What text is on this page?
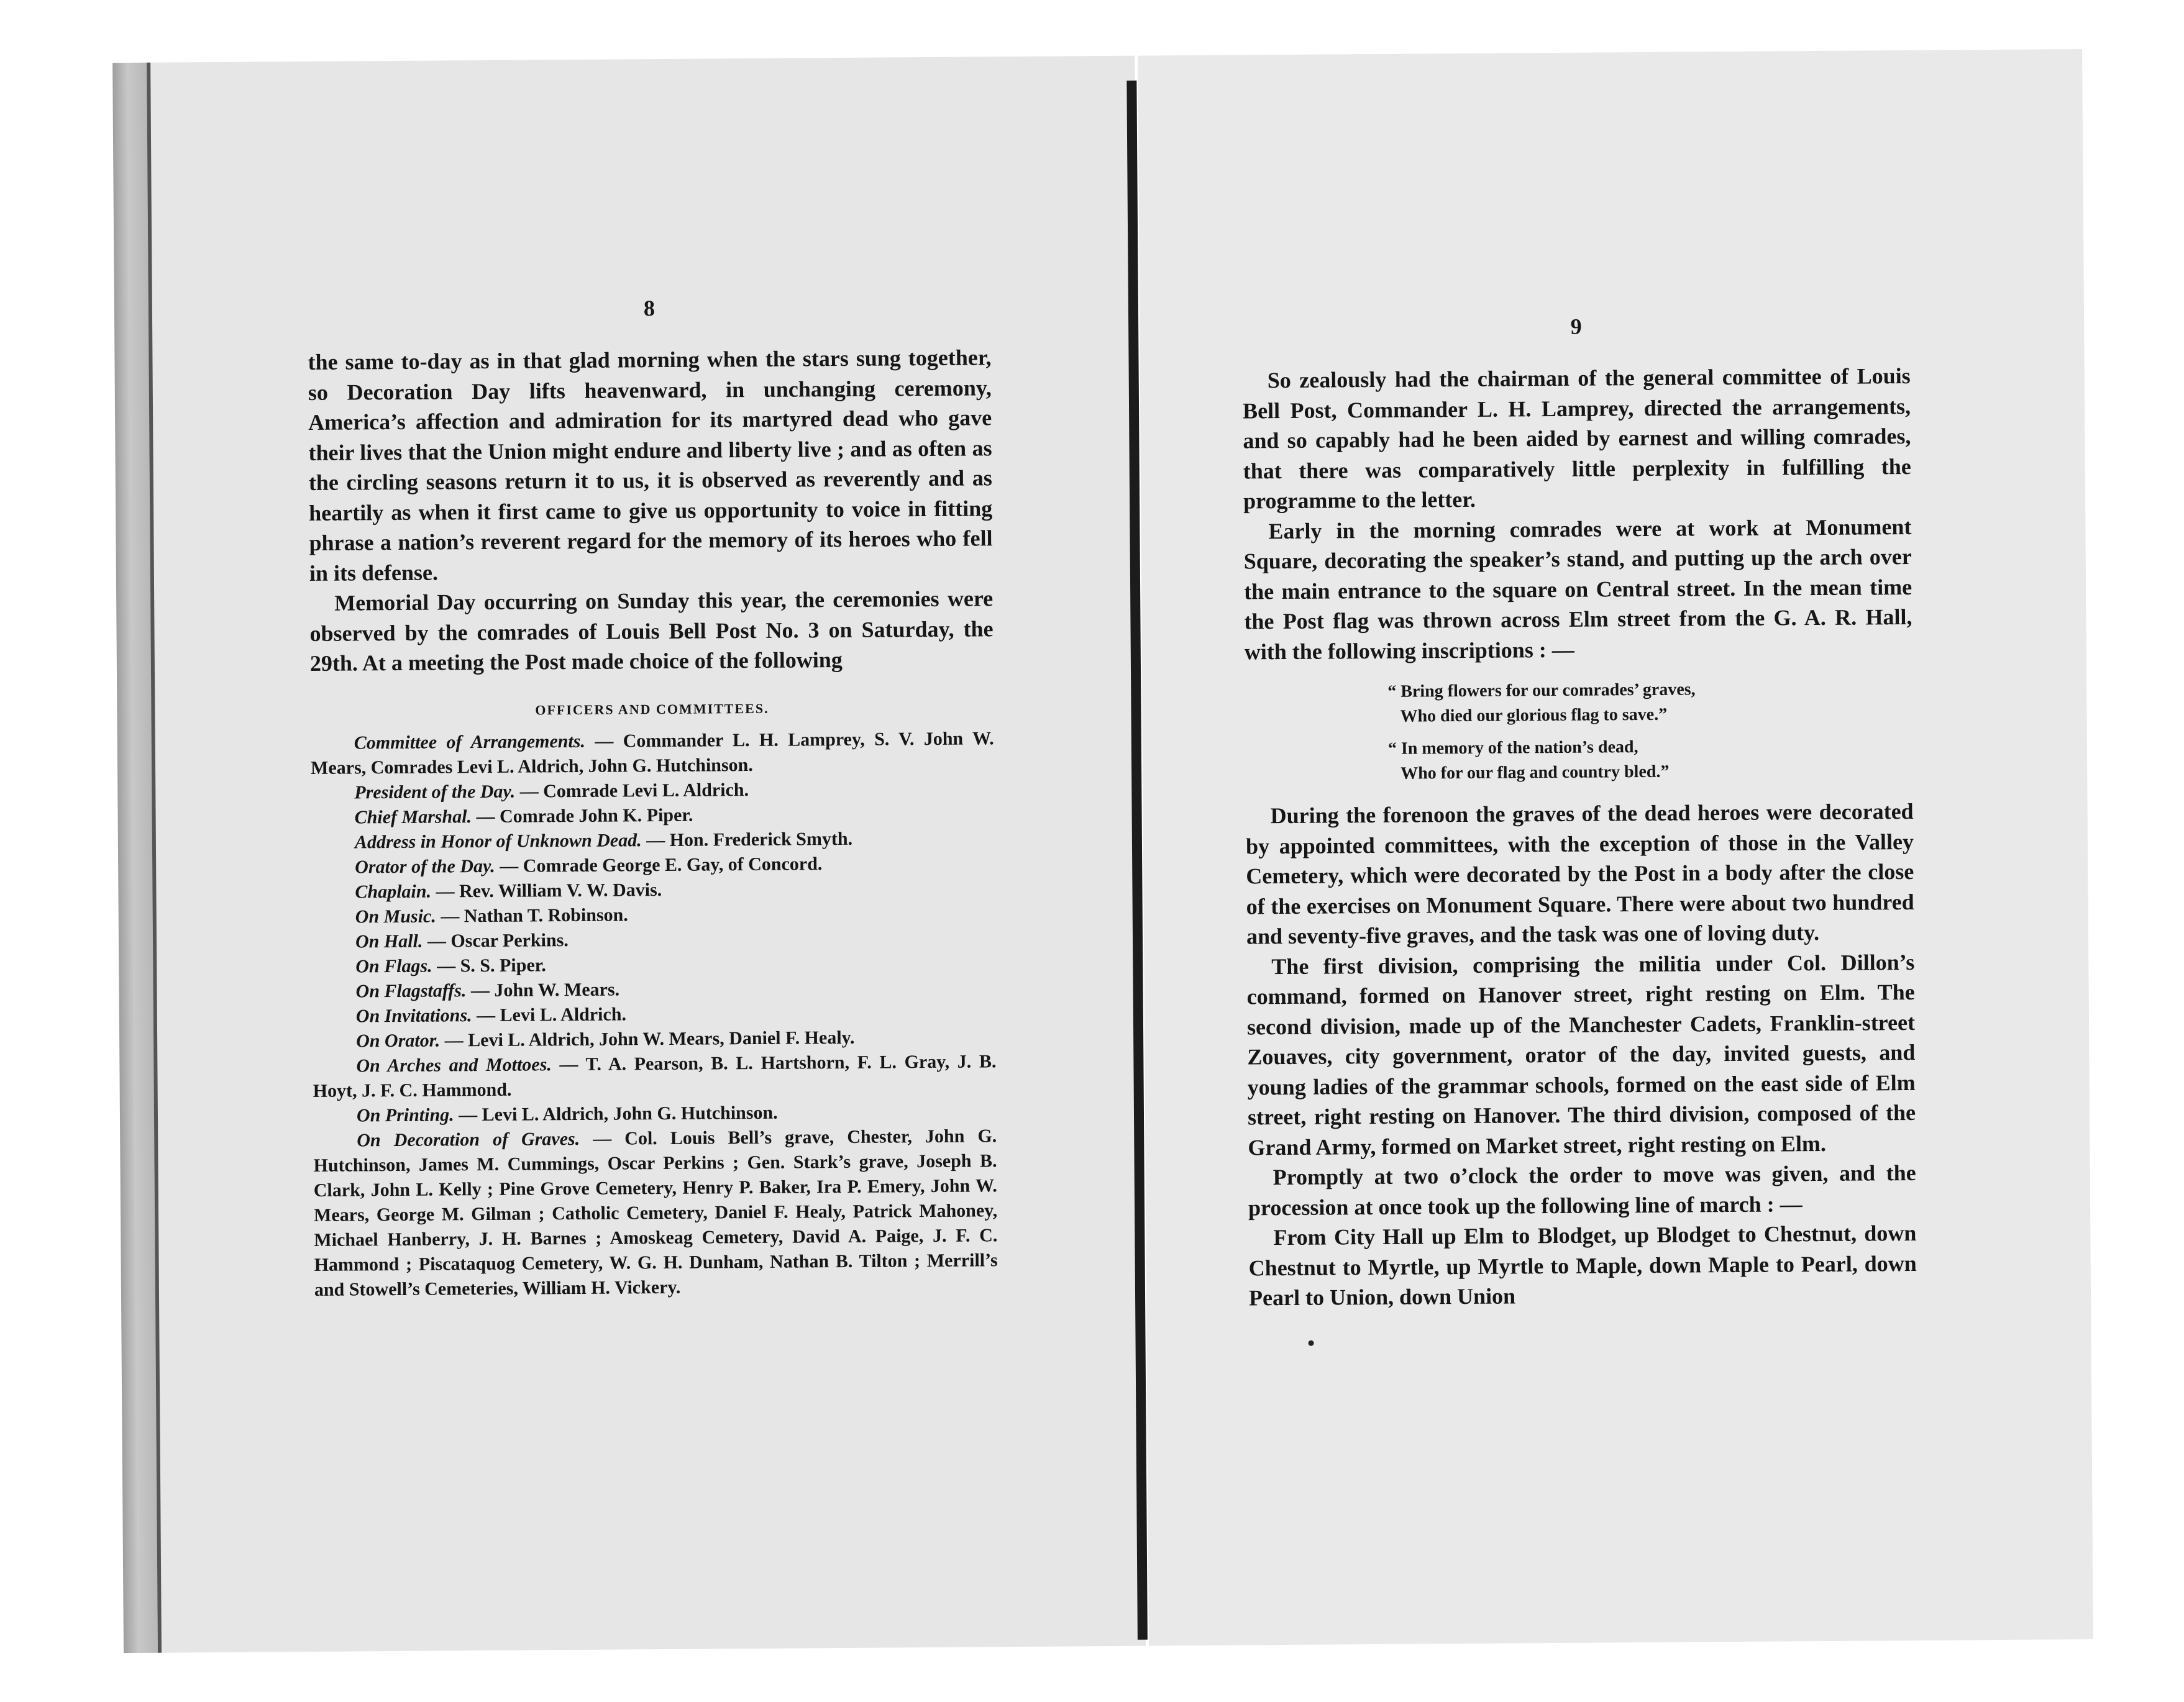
8

the same to-day as in that glad morning when the stars sung together, so Decoration Day lifts heavenward, in unchanging ceremony, America’s affection and admiration for its martyred dead who gave their lives that the Union might endure and liberty live ; and as often as the circling seasons return it to us, it is observed as reverently and as heartily as when it first came to give us opportunity to voice in fitting phrase a nation’s reverent regard for the memory of its heroes who fell in its defense.

Memorial Day occurring on Sunday this year, the ceremonies were observed by the comrades of Louis Bell Post No. 3 on Saturday, the 29th. At a meeting the Post made choice of the following

OFFICERS AND COMMITTEES.

Committee of Arrangements. — Commander L. H. Lamprey, S. V. John W. Mears, Comrades Levi L. Aldrich, John G. Hutchinson.

President of the Day. — Comrade Levi L. Aldrich.

Chief Marshal. — Comrade John K. Piper.

Address in Honor of Unknown Dead. — Hon. Frederick Smyth.

Orator of the Day. — Comrade George E. Gay, of Concord.

Chaplain. — Rev. William V. W. Davis.

On Music. — Nathan T. Robinson.

On Hall. — Oscar Perkins.

On Flags. — S. S. Piper.

On Flagstaffs. — John W. Mears.

On Invitations. — Levi L. Aldrich.

On Orator. — Levi L. Aldrich, John W. Mears, Daniel F. Healy.

On Arches and Mottoes. — T. A. Pearson, B. L. Hartshorn, F. L. Gray, J. B. Hoyt, J. F. C. Hammond.

On Printing. — Levi L. Aldrich, John G. Hutchinson.

On Decoration of Graves. — Col. Louis Bell’s grave, Chester, John G. Hutchinson, James M. Cummings, Oscar Perkins ; Gen. Stark’s grave, Joseph B. Clark, John L. Kelly ; Pine Grove Cemetery, Henry P. Baker, Ira P. Emery, John W. Mears, George M. Gilman ; Catholic Cemetery, Daniel F. Healy, Patrick Mahoney, Michael Hanberry, J. H. Barnes ; Amoskeag Cemetery, David A. Paige, J. F. C. Hammond ; Piscataquog Cemetery, W. G. H. Dunham, Nathan B. Tilton ; Merrill’s and Stowell’s Cemeteries, William H. Vickery.

9

So zealously had the chairman of the general committee of Louis Bell Post, Commander L. H. Lamprey, directed the arrangements, and so capably had he been aided by earnest and willing comrades, that there was comparatively little perplexity in fulfilling the programme to the letter.

Early in the morning comrades were at work at Monument Square, decorating the speaker’s stand, and putting up the arch over the main entrance to the square on Central street. In the mean time the Post flag was thrown across Elm street from the G. A. R. Hall, with the following inscriptions : —

“ Bring flowers for our comrades’ graves,
Who died our glorious flag to save.”
“ In memory of the nation’s dead,
Who for our flag and country bled.”

During the forenoon the graves of the dead heroes were decorated by appointed committees, with the exception of those in the Valley Cemetery, which were decorated by the Post in a body after the close of the exercises on Monument Square. There were about two hundred and seventy-five graves, and the task was one of loving duty.

The first division, comprising the militia under Col. Dillon’s command, formed on Hanover street, right resting on Elm. The second division, made up of the Manchester Cadets, Franklin-street Zouaves, city government, orator of the day, invited guests, and young ladies of the grammar schools, formed on the east side of Elm street, right resting on Hanover. The third division, composed of the Grand Army, formed on Market street, right resting on Elm.

Promptly at two o’clock the order to move was given, and the procession at once took up the following line of march : —

From City Hall up Elm to Blodget, up Blodget to Chestnut, down Chestnut to Myrtle, up Myrtle to Maple, down Maple to Pearl, down Pearl to Union, down Union
